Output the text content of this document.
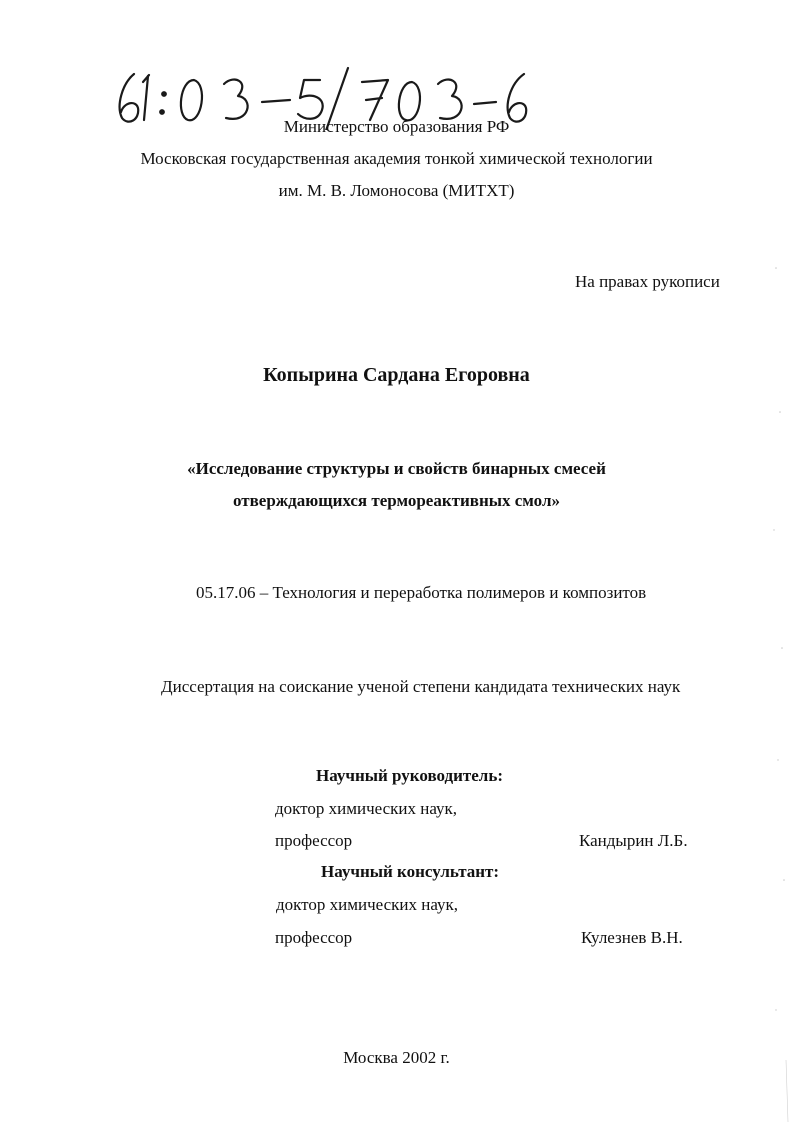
Министерство образования РФ
Московская государственная академия тонкой химической технологии
им. М. В. Ломоносова (МИТХТ)
На правах рукописи
Копырина Сардана Егоровна
«Исследование структуры и свойств бинарных смесей
отверждающихся термореактивных смол»
05.17.06 – Технология и переработка полимеров и композитов
Диссертация на соискание ученой степени кандидата технических наук
Научный руководитель:
доктор химических наук,
профессор	Кандырин Л.Б.
Научный консультант:
доктор химических наук,
профессор	Кулезнев В.Н.
Москва 2002 г.
